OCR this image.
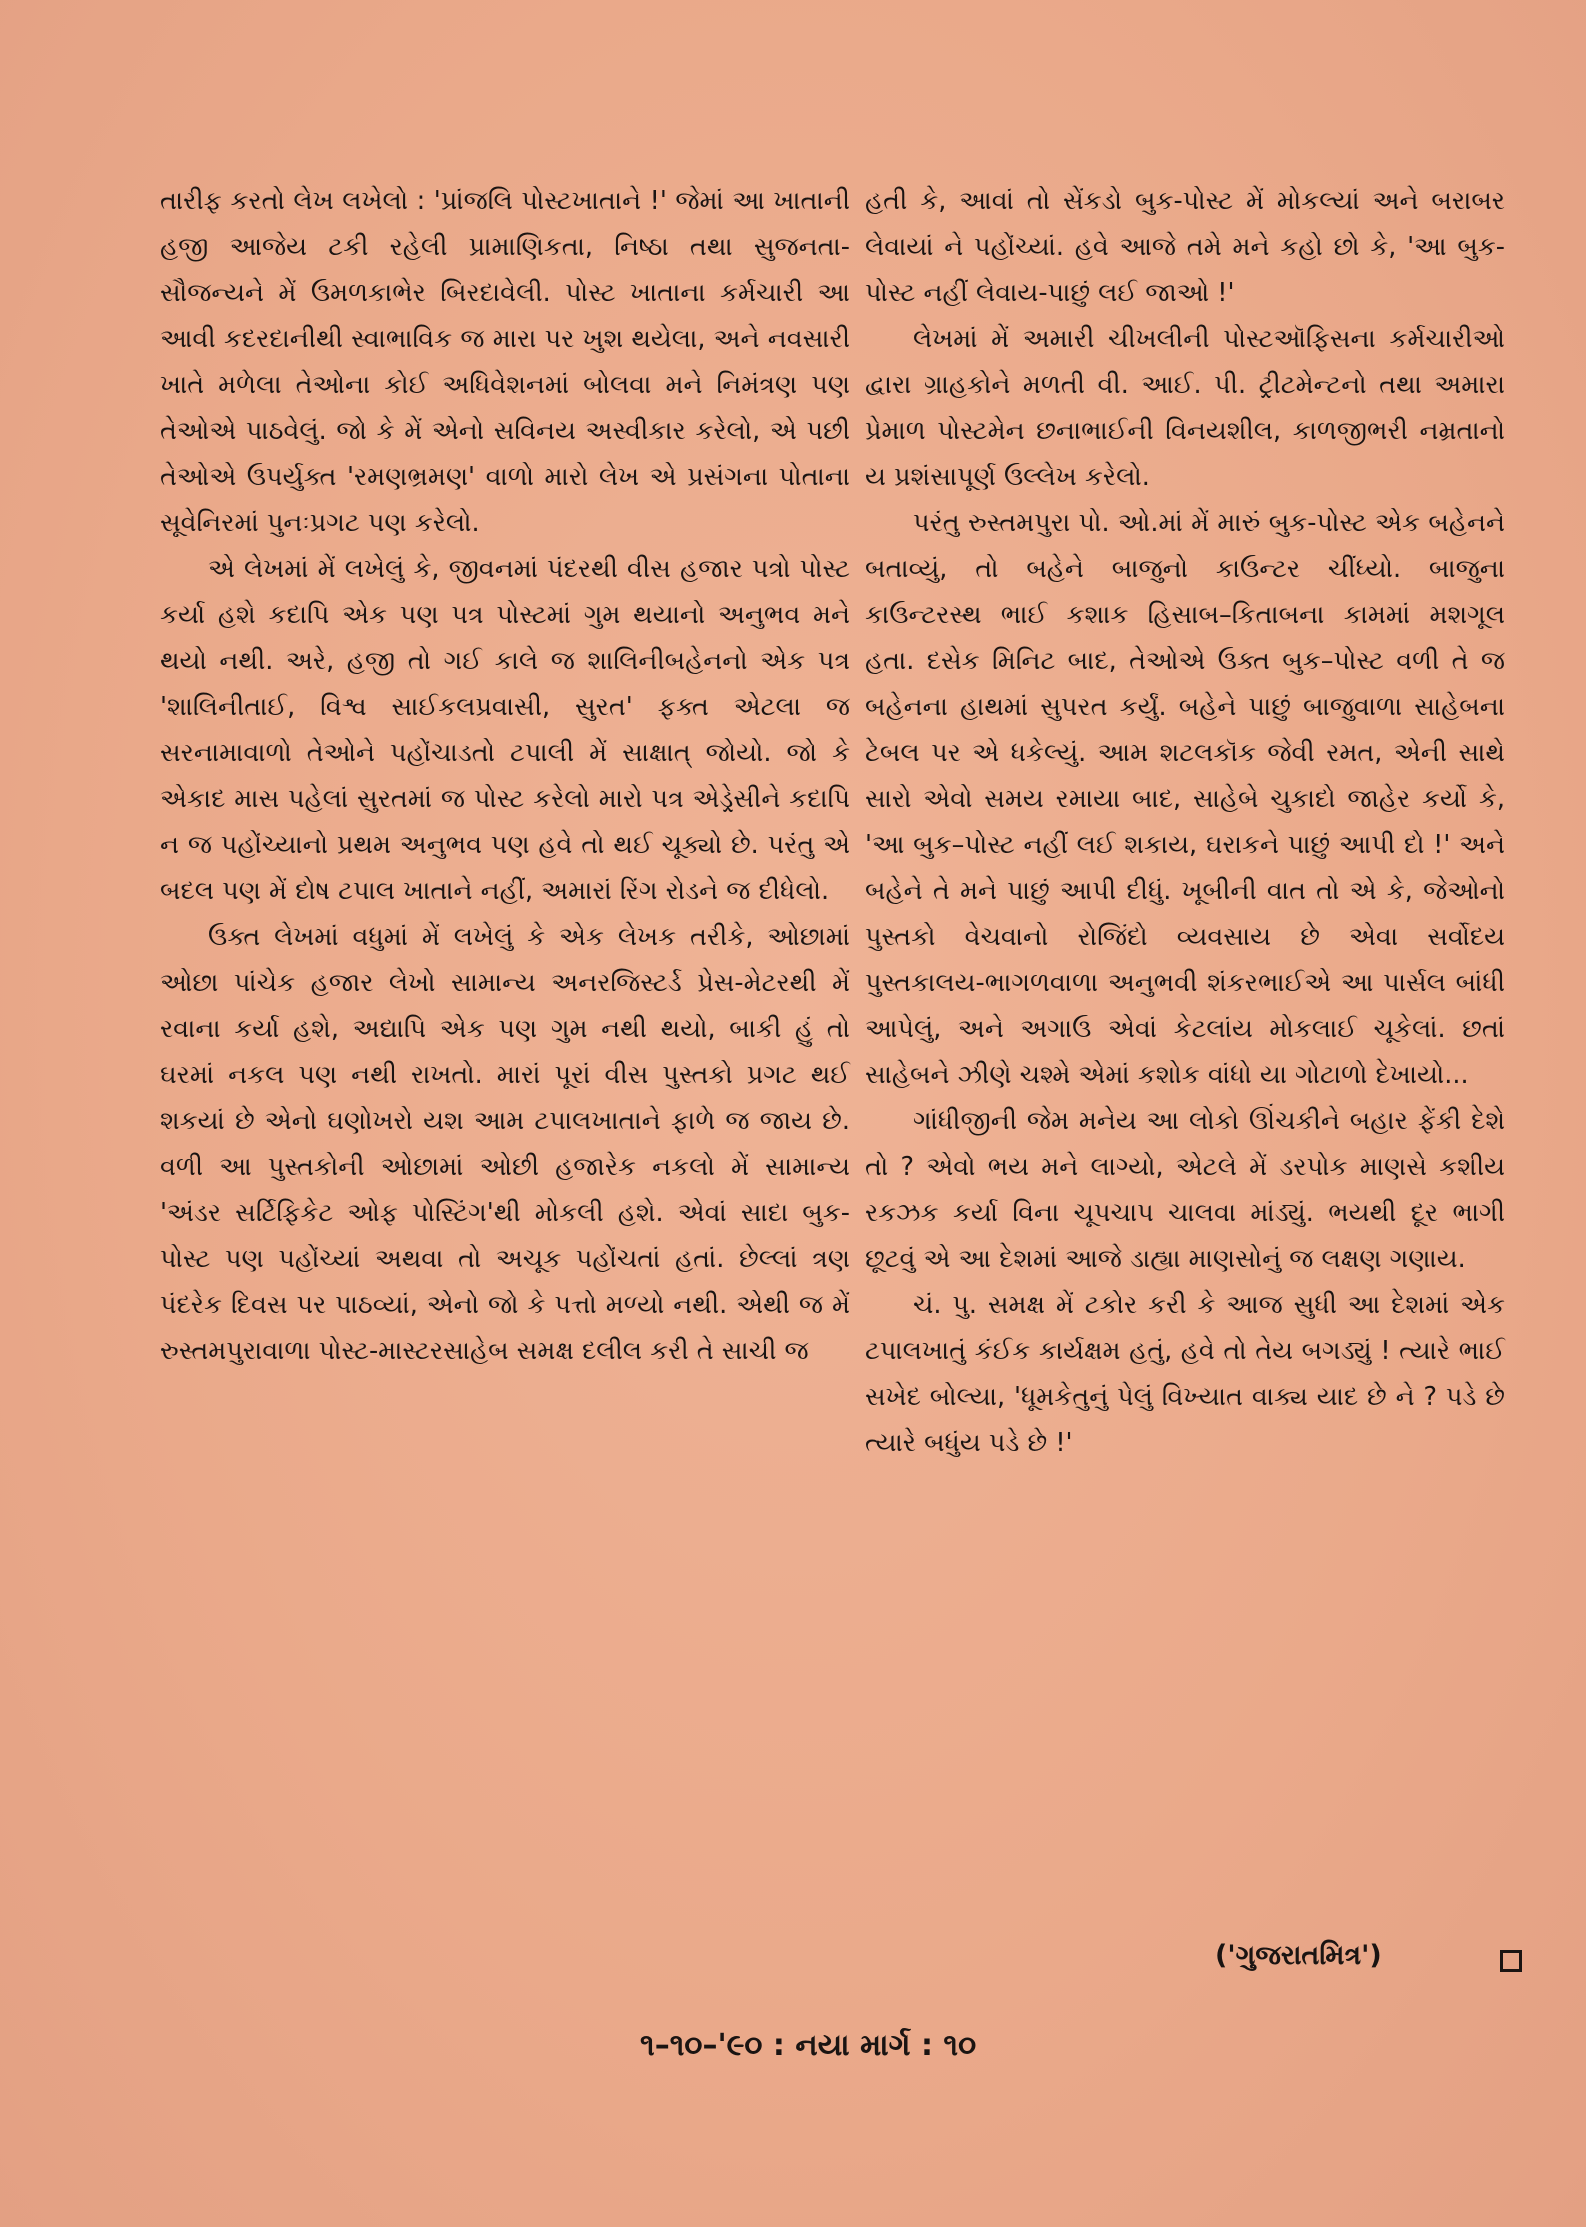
તારીફ કરતો લેખ લખેલો : 'પ્રાંજલિ પોસ્ટખાતાને !' જેમાં આ ખાતાની હજી આજેય ટકી રહેલી પ્રામાણિકતા, નિષ્ઠા તથા સુજનતા-સૌજન્યને મેં ઉમળકાભેર બિરદાવેલી. પોસ્ટ ખાતાના કર્મચારી આ આવી કદરદાનીથી સ્વાભાવિક જ મારા પર ખુશ થયેલા, અને નવસારી ખાતે મળેલા તેઓના કોઈ અધિવેશનમાં બોલવા મને નિમંત્રણ પણ તેઓએ પાઠવેલું. જો કે મેં એનો સવિનય અસ્વીકાર કરેલો, એ પછી તેઓએ ઉપર્યુક્ત 'રમણભ્રમણ' વાળો મારો લેખ એ પ્રસંગના પોતાના સૂવેનિરમાં પુનઃપ્રગટ પણ કરેલો.

એ લેખમાં મેં લખેલું કે, જીવનમાં પંદરથી વીસ હજાર પત્રો પોસ્ટ કર્યા હશે કદાપિ એક પણ પત્ર પોસ્ટમાં ગુમ થયાનો અનુભવ મને થયો નથી. અરે, હજી તો ગઈ કાલે જ શાલિનીબહેનનો એક પત્ર 'શાલિનીતાઈ, વિશ્વ સાઈકલપ્રવાસી, સુરત' ફક્ત એટલા જ સરનામાવાળો તેઓને પહોંચાડતો ટપાલી મેં સાક્ષાત્ જોયો. જો કે એકાદ માસ પહેલાં સુરતમાં જ પોસ્ટ કરેલો મારો પત્ર એડ્રેસીને કદાપિ ન જ પહોંચ્યાનો પ્રથમ અનુભવ પણ હવે તો થઈ ચૂક્યો છે. પરંતુ એ બદલ પણ મેં દોષ ટપાલ ખાતાને નહીં, અમારાં રિંગ રોડને જ દીધેલો.

ઉક્ત લેખમાં વધુમાં મેં લખેલું કે એક લેખક તરીકે, ઓછામાં ઓછા પાંચેક હજાર લેખો સામાન્ય અનરજિસ્ટર્ડ પ્રેસ-મેટરથી મેં રવાના કર્યા હશે, અદ્યાપિ એક પણ ગુમ નથી થયો, બાકી હું તો ઘરમાં નકલ પણ નથી રાખતો. મારાં પૂરાં વીસ પુસ્તકો પ્રગટ થઈ શકયાં છે એનો ઘણોખરો યશ આમ ટપાલખાતાને ફાળે જ જાય છે. વળી આ પુસ્તકોની ઓછામાં ઓછી હજારેક નકલો મેં સામાન્ય 'અંડર સર્ટિફિકેટ ઓફ પોસ્ટિંગ'થી મોકલી હશે. એવાં સાદા બુક-પોસ્ટ પણ પહોંચ્યાં અથવા તો અચૂક પહોંચતાં હતાં. છેલ્લાં ત્રણ પંદરેક દિવસ પર પાઠવ્યાં, એનો જો કે પત્તો મળ્યો નથી. એથી જ મેં રુસ્તમપુરાવાળા પોસ્ટ-માસ્ટરસાહેબ સમક્ષ દલીલ કરી તે સાચી જ

હતી કે, આવાં તો સેંકડો બુક-પોસ્ટ મેં મોકલ્યાં અને બરાબર લેવાયાં ને પહોંચ્યાં. હવે આજે તમે મને કહો છો કે, 'આ બુક-પોસ્ટ નહીં લેવાય-પાછું લઈ જાઓ !'

લેખમાં મેં અમારી ચીખલીની પોસ્ટઑફિસના કર્મચારીઓ દ્વારા ગ્રાહકોને મળતી વી. આઈ. પી. ટ્રીટમેન્ટનો તથા અમારા પ્રેમાળ પોસ્ટમેન છનાભાઈની વિનયશીલ, કાળજીભરી નમ્રતાનો ય પ્રશંસાપૂર્ણ ઉલ્લેખ કરેલો.

પરંતુ રુસ્તમપુરા પો. ઓ.માં મેં મારું બુક-પોસ્ટ એક બહેનને બતાવ્યું, તો બહેને બાજુનો કાઉન્ટર ચીંધ્યો. બાજુના કાઉન્ટરસ્થ ભાઈ કશાક હિસાબ–કિતાબના કામમાં મશગૂલ હતા. દસેક મિનિટ બાદ, તેઓએ ઉક્ત બુક–પોસ્ટ વળી તે જ બહેનના હાથમાં સુપરત કર્યું. બહેને પાછું બાજુવાળા સાહેબના ટેબલ પર એ ધકેલ્યું. આમ શટલકૉક જેવી રમત, એની સાથે સારો એવો સમય રમાયા બાદ, સાહેબે ચુકાદો જાહેર કર્યો કે, 'આ બુક–પોસ્ટ નહીં લઈ શકાય, ઘરાકને પાછું આપી દો !' અને બહેને તે મને પાછું આપી દીધું. ખૂબીની વાત તો એ કે, જેઓનો પુસ્તકો વેચવાનો રોજિંદો વ્યવસાય છે એવા સર્વોદય પુસ્તકાલય-ભાગળવાળા અનુભવી શંકરભાઈએ આ પાર્સલ બાંધી આપેલું, અને અગાઉ એવાં કેટલાંય મોકલાઈ ચૂકેલાં. છતાં સાહેબને ઝીણે ચશ્મે એમાં કશોક વાંધો યા ગોટાળો દેખાયો...

ગાંધીજીની જેમ મનેય આ લોકો ઊંચકીને બહાર ફેંકી દેશે તો ? એવો ભય મને લાગ્યો, એટલે મેં ડરપોક માણસે કશીય રકઝક કર્યા વિના ચૂપચાપ ચાલવા માંડ્યું. ભયથી દૂર ભાગી છૂટવું એ આ દેશમાં આજે ડાહ્યા માણસોનું જ લક્ષણ ગણાય.

ચં. પુ. સમક્ષ મેં ટકોર કરી કે આજ સુધી આ દેશમાં એક ટપાલખાતું કંઈક કાર્યક્ષમ હતું, હવે તો તેય બગડ્યું ! ત્યારે ભાઈ સખેદ બોલ્યા, 'ધૂમકેતુનું પેલું વિખ્યાત વાક્ય યાદ છે ને ? પડે છે ત્યારે બધુંય પડે છે !'

('ગુજરાતમિત્ર')
૧–૧૦–'૯૦ : નયા માર્ગ : ૧૦
